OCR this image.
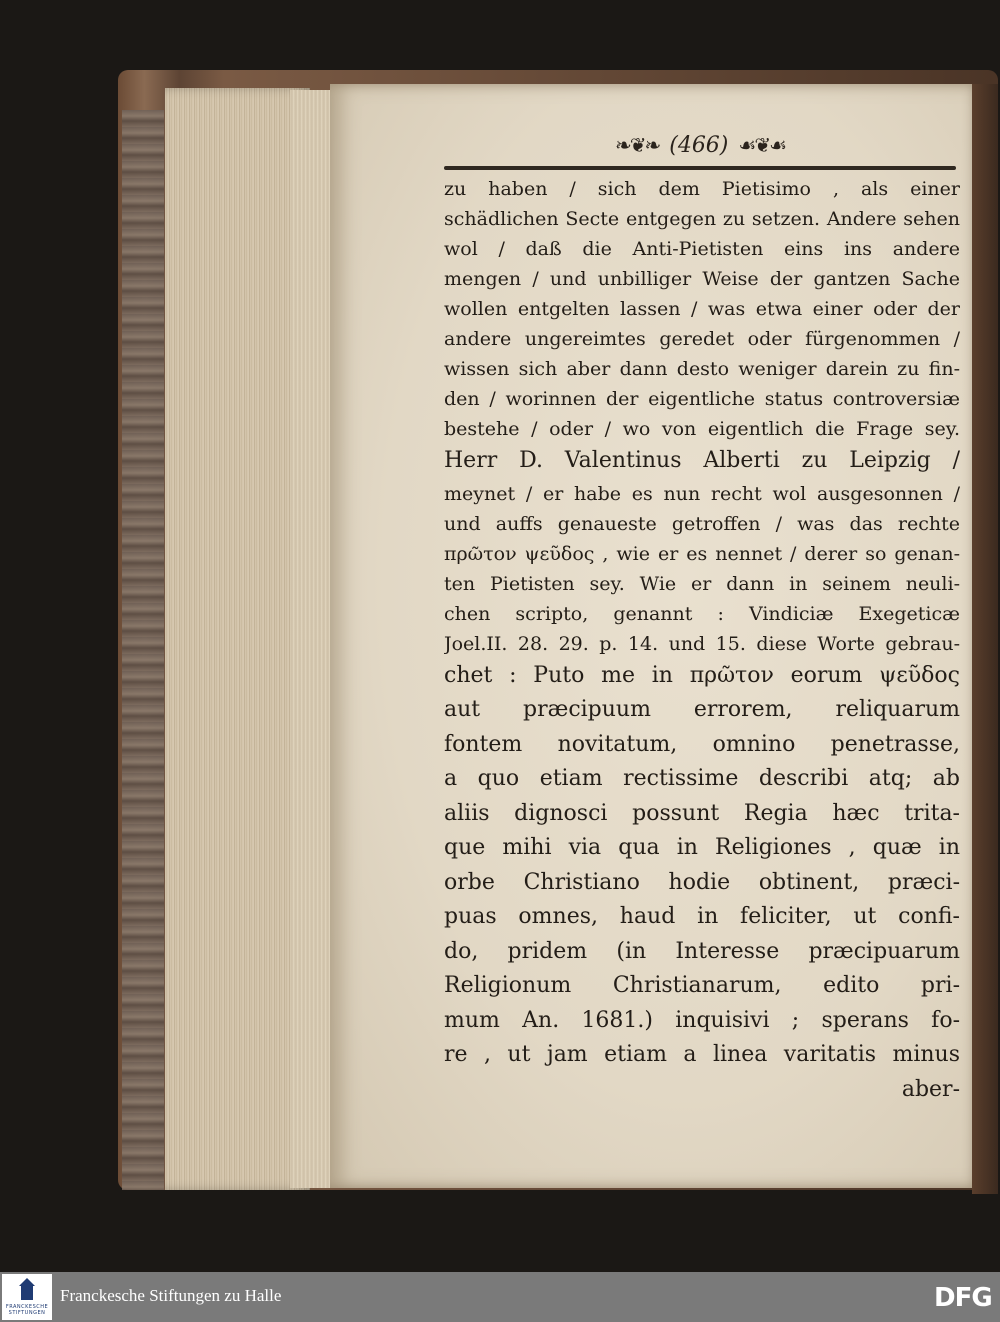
❧❦❧ (466) ☙❦☙
zu haben / sich dem Pietisimo , als einer
schädlichen Secte entgegen zu setzen. Andere sehen
wol / daß die Anti-Pietisten eins ins andere
mengen / und unbilliger Weise der gantzen Sache
wollen entgelten lassen / was etwa einer oder der
andere ungereimtes geredet oder fürgenommen /
wissen sich aber dann desto weniger darein zu fin-
den / worinnen der eigentliche status controversiæ
bestehe / oder / wo von eigentlich die Frage sey.
Herr D. Valentinus Alberti zu Leipzig /
meynet / er habe es nun recht wol ausgesonnen /
und auffs genaueste getroffen / was das rechte
πρῶτον ψεῦδος , wie er es nennet / derer so genan-
ten Pietisten sey. Wie er dann in seinem neuli-
chen scripto, genannt : Vindiciæ Exegeticæ
Joel.II. 28. 29. p. 14. und 15. diese Worte gebrau-
chet : Puto me in πρῶτον eorum ψεῦδος
aut præcipuum errorem, reliquarum
fontem novitatum, omnino penetrasse,
a quo etiam rectissime describi atq; ab
aliis dignosci possunt Regia hæc trita-
que mihi via qua in Religiones , quæ in
orbe Christiano hodie obtinent, præci-
puas omnes, haud in feliciter, ut confi-
do, pridem (in Interesse præcipuarum
Religionum Christianarum, edito pri-
mum An. 1681.) inquisivi ; sperans fo-
re , ut jam etiam a linea varitatis minus
aber-
FRANCKESCHE STIFTUNGEN
Franckesche Stiftungen zu Halle	DFG
